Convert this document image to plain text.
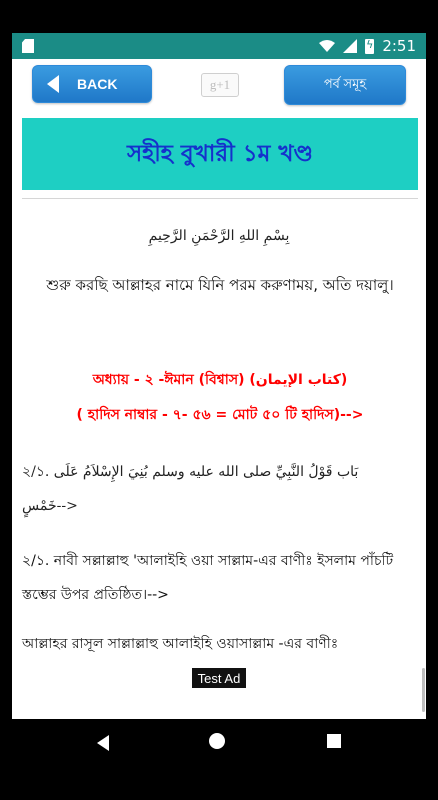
ϟ
2:51
BACK	g+1	পর্ব সমূহ
সহীহ বুখারী ১ম খণ্ড
بِسْمِ اللهِ الرَّحْمَنِ الرَّحِيمِ
শুরু করছি আল্লাহর নামে যিনি পরম করুণাময়, অতি দয়ালু।
অধ্যায় - ২ -ঈমান (বিশ্বাস) (كتاب الإيمان)
( হাদিস নাম্বার - ৭- ৫৬ = মোট ৫০ টি হাদিস)-->
بَاب قَوْلُ النَّبِيِّ صلى الله عليه وسلم بُنِيَ الإِسْلاَمُ عَلَى .২/১
خَمْسٍ-->
২/১. নাবী সল্লাল্লাহু 'আলাইহি ওয়া সাল্লাম-এর বাণীঃ ইসলাম পাঁচটি স্তম্ভের উপর প্রতিষ্ঠিত।-->
আল্লাহর রাসূল সাল্লাল্লাহু আলাইহি ওয়াসাল্লাম -এর বাণীঃ
Test Ad
